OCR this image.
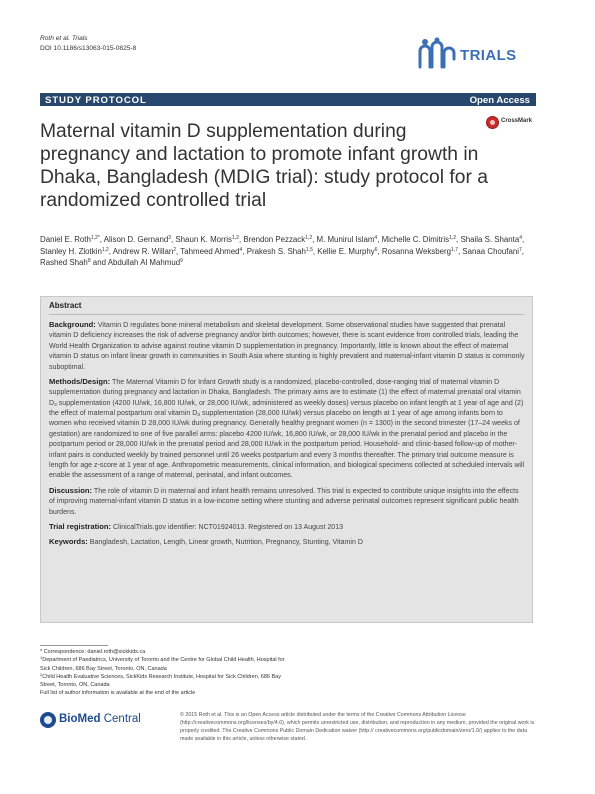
Roth et al. Trials
DOI 10.1186/s13063-015-0825-8	TRIALS
STUDY PROTOCOL	Open Access
CrossMark
Maternal vitamin D supplementation during pregnancy and lactation to promote infant growth in Dhaka, Bangladesh (MDIG trial): study protocol for a randomized controlled trial
Daniel E. Roth$^{1,2*}$, Alison D. Gernand$^3$, Shaun K. Morris$^{1,2}$, Brendon Pezzack$^{1,2}$, M. Munirul Islam$^4$, Michelle C. Dimitris$^{1,2}$, Shaila S. Shanta$^4$, Stanley H. Zlotkin$^{1,2}$, Andrew R. Willan$^2$, Tahmeed Ahmed$^4$, Prakesh S. Shah$^{1,5}$, Kellie E. Murphy$^6$, Rosanna Weksberg$^{1,7}$, Sanaa Choufani$^7$, Rashed Shah$^8$ and Abdullah Al Mahmud$^9$
Abstract

Background: Vitamin D regulates bone mineral metabolism and skeletal development. Some observational studies have suggested that prenatal vitamin D deficiency increases the risk of adverse pregnancy and/or birth outcomes; however, there is scant evidence from controlled trials, leading the World Health Organization to advise against routine vitamin D supplementation in pregnancy. Importantly, little is known about the effect of maternal vitamin D status on infant linear growth in communities in South Asia where stunting is highly prevalent and maternal-infant vitamin D status is commonly suboptimal.

Methods/Design: The Maternal Vitamin D for Infant Growth study is a randomized, placebo-controlled, dose-ranging trial of maternal vitamin D supplementation during pregnancy and lactation in Dhaka, Bangladesh. The primary aims are to estimate (1) the effect of maternal prenatal oral vitamin $D_3$ supplementation (4200 IU/wk, 16,800 IU/wk, or 28,000 IU/wk, administered as weekly doses) versus placebo on infant length at 1 year of age and (2) the effect of maternal postpartum oral vitamin $D_3$ supplementation (28,000 IU/wk) versus placebo on length at 1 year of age among infants born to women who received vitamin D 28,000 IU/wk during pregnancy. Generally healthy pregnant women (n = 1300) in the second trimester (17–24 weeks of gestation) are randomized to one of five parallel arms: placebo 4200 IU/wk, 16,800 IU/wk, or 28,000 IU/wk in the prenatal period and placebo in the postpartum period or 28,000 IU/wk in the prenatal period and 28,000 IU/wk in the postpartum period. Household- and clinic-based follow-up of mother-infant pairs is conducted weekly by trained personnel until 26 weeks postpartum and every 3 months thereafter. The primary trial outcome measure is length for age z-score at 1 year of age. Anthropometric measurements, clinical information, and biological specimens collected at scheduled intervals will enable the assessment of a range of maternal, perinatal, and infant outcomes.

Discussion: The role of vitamin D in maternal and infant health remains unresolved. This trial is expected to contribute unique insights into the effects of improving maternal-infant vitamin D status in a low-income setting where stunting and adverse perinatal outcomes represent significant public health burdens.

Trial registration: ClinicalTrials.gov identifier: NCT01924013. Registered on 13 August 2013

Keywords: Bangladesh, Lactation, Length, Linear growth, Nutrition, Pregnancy, Stunting, Vitamin D

* Correspondence: daniel.roth@sickkids.ca
$^1$Department of Paediatrics, University of Toronto and the Centre for Global Child Health, Hospital for Sick Children, 686 Bay Street, Toronto, ON, Canada
$^2$Child Health Evaluative Sciences, SickKids Research Institute, Hospital for Sick Children, 686 Bay Street, Toronto, ON, Canada
Full list of author information is available at the end of the article
BioMed Central	© 2015 Roth et al. This is an Open Access article distributed under the terms of the Creative Commons Attribution License (http://creativecommons.org/licenses/by/4.0), which permits unrestricted use, distribution, and reproduction in any medium, provided the original work is properly credited. The Creative Commons Public Domain Dedication waiver (http:// creativecommons.org/publicdomain/zero/1.0/) applies to the data made available in this article, unless otherwise stated.
